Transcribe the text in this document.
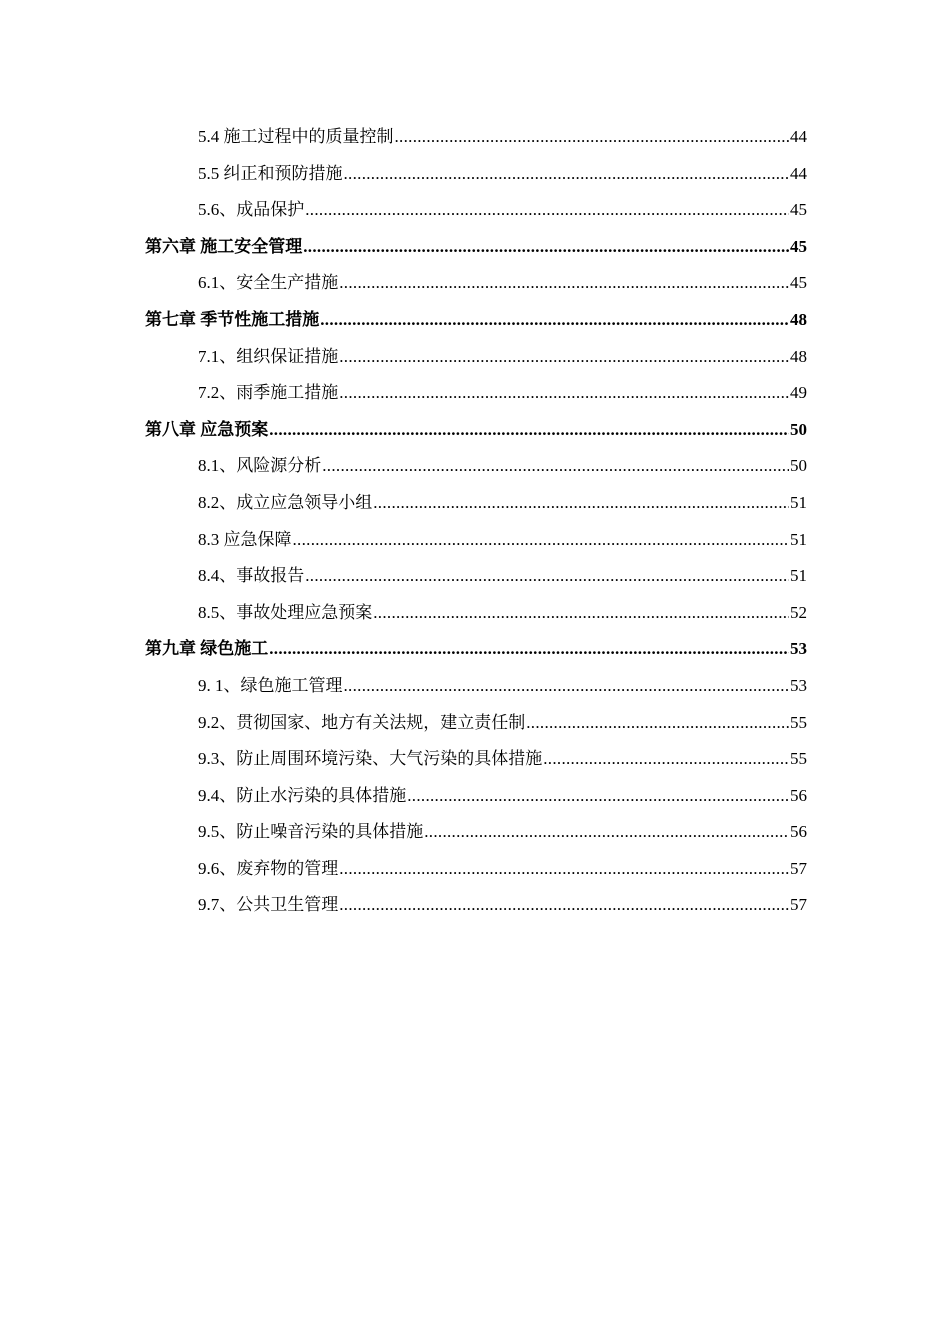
5.4 施工过程中的质量控制 .....	44
5.5 纠正和预防措施 .....	44
5.6、成品保护 .....	45
第六章 施工安全管理 .....	45
6.1、安全生产措施 .....	45
第七章 季节性施工措施 .....	48
7.1、组织保证措施 .....	48
7.2、雨季施工措施 .....	49
第八章 应急预案 .....	50
8.1、风险源分析 .....	50
8.2、成立应急领导小组 .....	51
8.3 应急保障 .....	51
8.4、事故报告 .....	51
8.5、事故处理应急预案 .....	52
第九章 绿色施工 .....	53
9. 1、绿色施工管理 .....	53
9.2、贯彻国家、地方有关法规，建立责任制 .....	55
9.3、防止周围环境污染、大气污染的具体措施 .....	55
9.4、防止水污染的具体措施 .....	56
9.5、防止噪音污染的具体措施 .....	56
9.6、废弃物的管理 .....	57
9.7、公共卫生管理 .....	57
